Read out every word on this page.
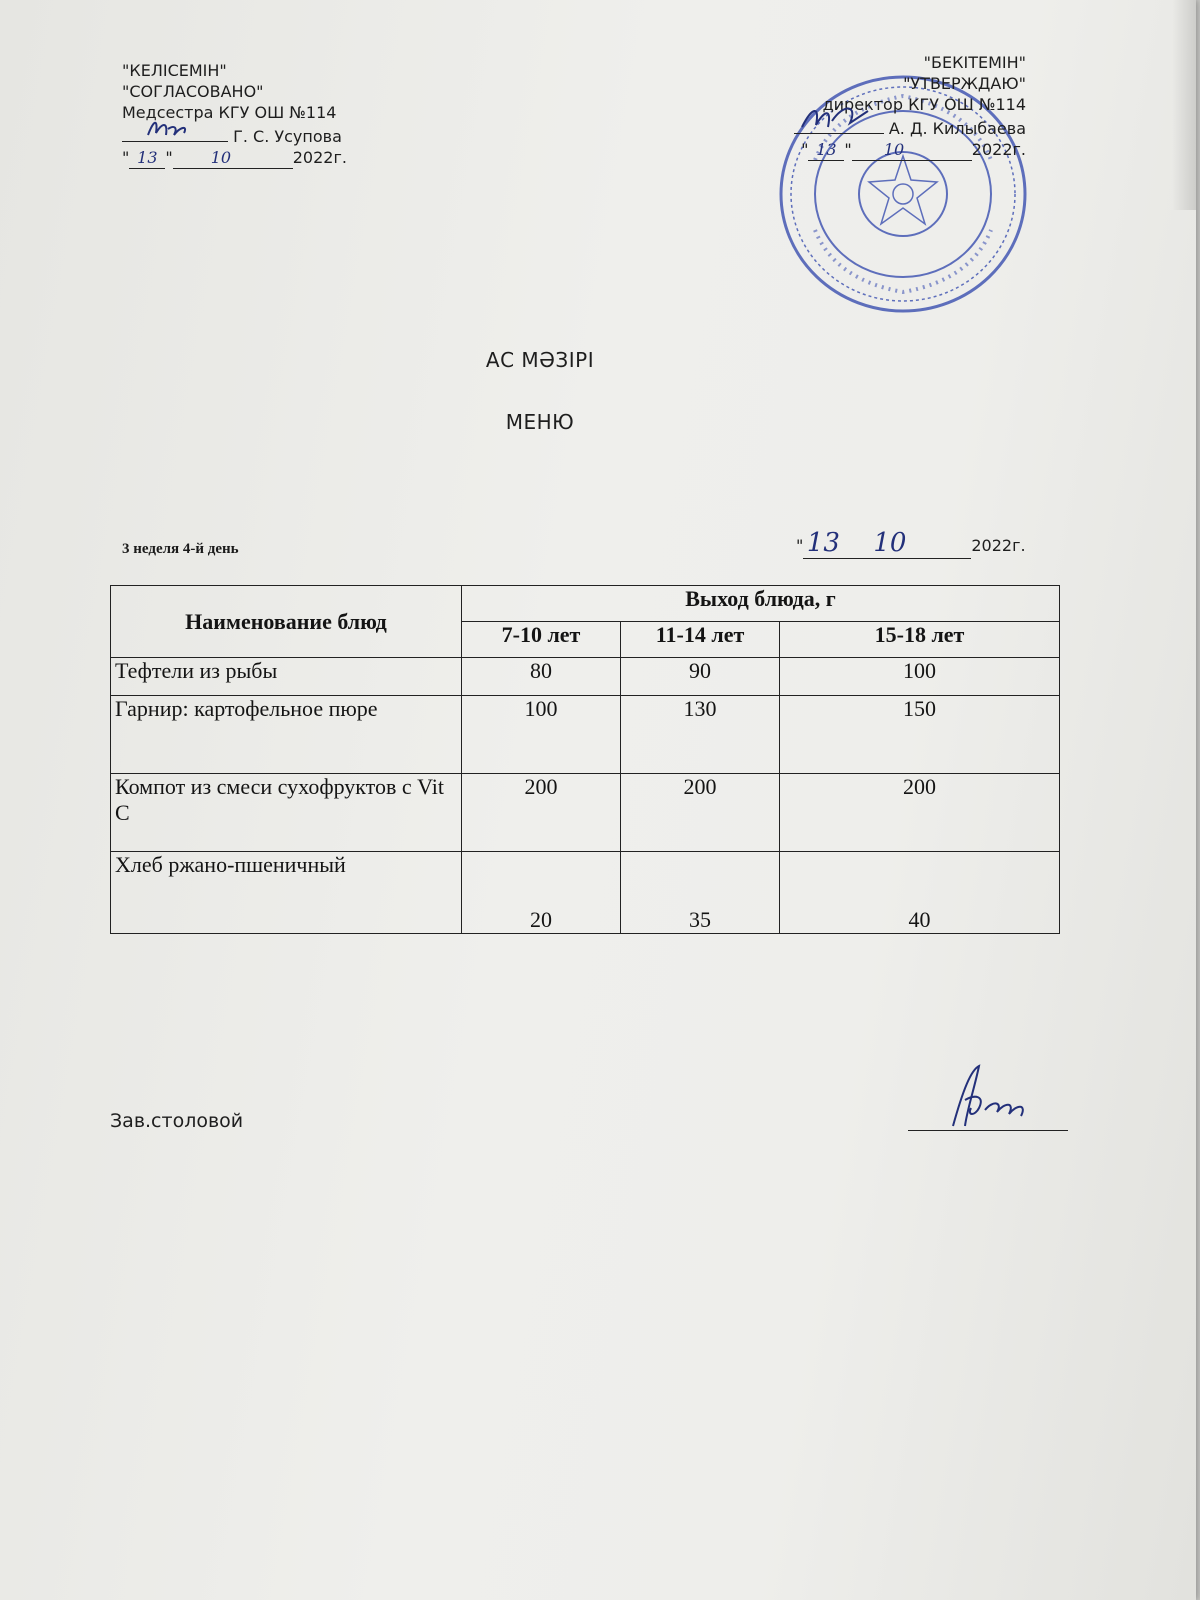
"КЕЛІСЕМІН"
"СОГЛАСОВАНО"
Медсестра КГУ ОШ №114
Г. С. Усупова
" 13 " 10	2022г.
"БЕКІТЕМІН"
"УТВЕРЖДАЮ"
директор КГУ ОШ №114
А. Д. Килыбаева
" 13 " 10	2022г.
АС МӘЗІРІ
МЕНЮ
3 неделя 4-й день	" 13 10	2022г.
Наименование блюд	Выход блюда, г		
	7-10 лет	11-14 лет	15-18 лет
Тефтели из рыбы	80	90	100
Гарнир: картофельное пюре	100	130	150
Компот из смеси сухофруктов с Vit C	200	200	200
Хлеб ржано-пшеничный	20	35	40
Зав.столовой
